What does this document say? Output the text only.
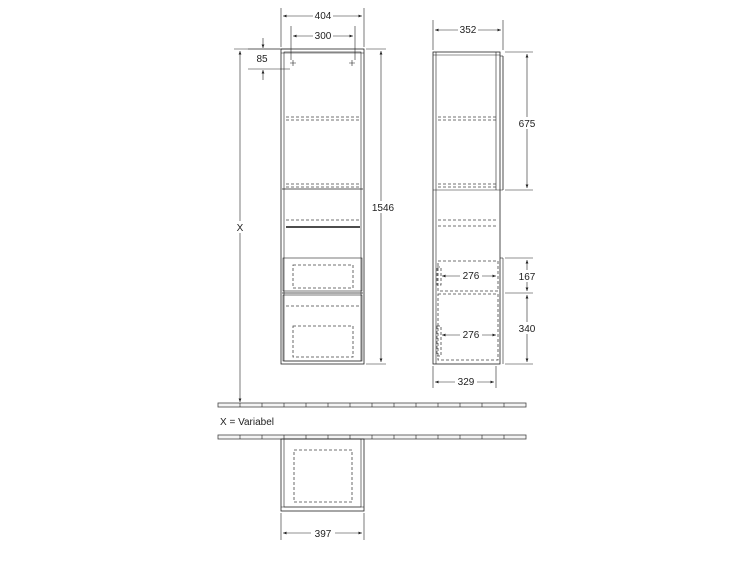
404
300
85
1546
X
X = Variabel
352
675
276	167
276
340
329
397
